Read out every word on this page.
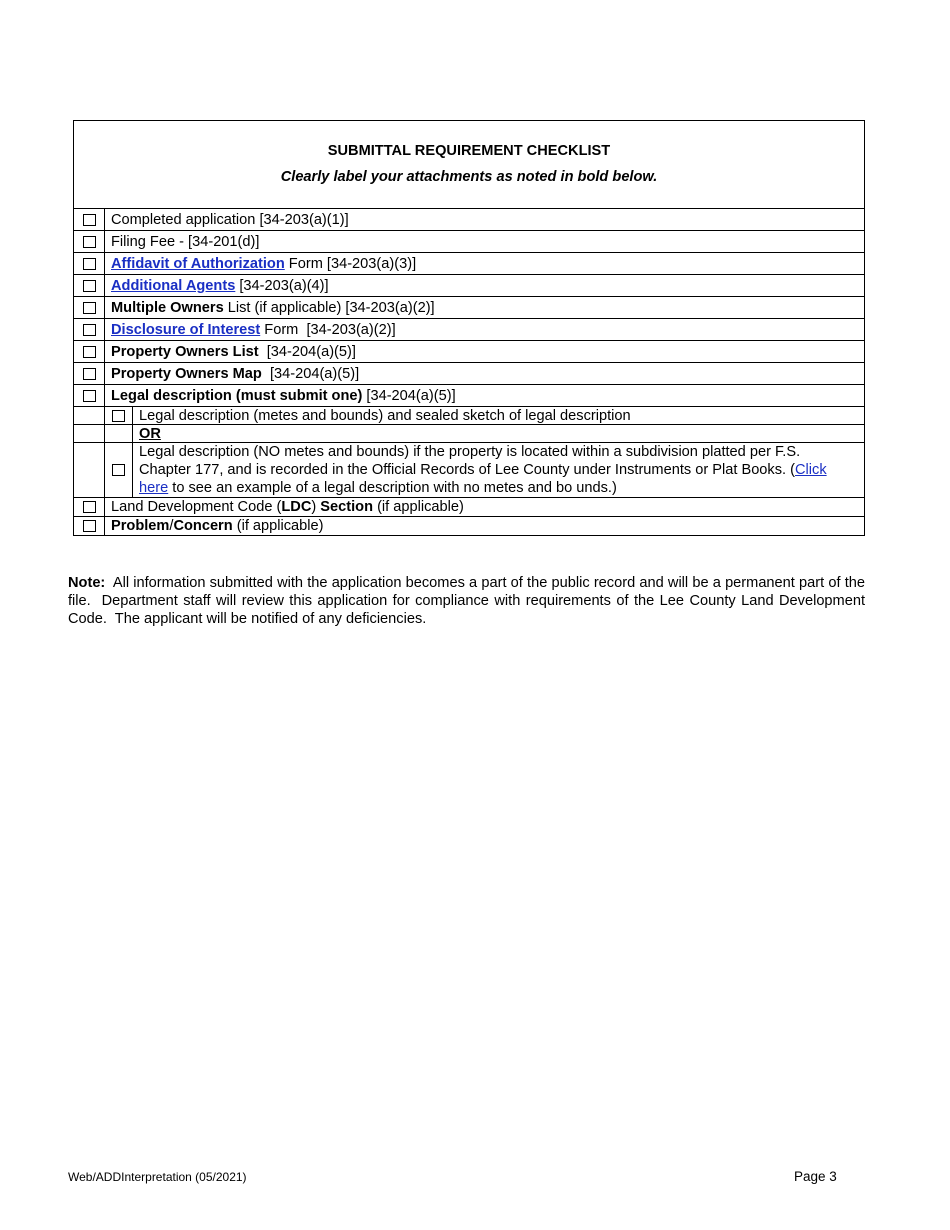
SUBMITTAL REQUIREMENT CHECKLIST
Clearly label your attachments as noted in bold below.
Completed application [34-203(a)(1)]
Filing Fee - [34-201(d)]
Affidavit of Authorization Form [34-203(a)(3)]
Additional Agents [34-203(a)(4)]
Multiple Owners List (if applicable) [34-203(a)(2)]
Disclosure of Interest Form  [34-203(a)(2)]
Property Owners List  [34-204(a)(5)]
Property Owners Map  [34-204(a)(5)]
Legal description (must submit one) [34-204(a)(5)]
Legal description (metes and bounds) and sealed sketch of legal description
OR
Legal description (NO metes and bounds) if the property is located within a subdivision platted per F.S. Chapter 177, and is recorded in the Official Records of Lee County under Instruments or Plat Books. (Click here to see an example of a legal description with no metes and bo unds.)
Land Development Code (LDC) Section (if applicable)
Problem/Concern (if applicable)
Note:  All information submitted with the application becomes a part of the public record and will be a permanent part of the file.  Department staff will review this application for compliance with requirements of the Lee County Land Development Code.  The applicant will be notified of any deficiencies.
Web/ADDInterpretation (05/2021)	Page 3
